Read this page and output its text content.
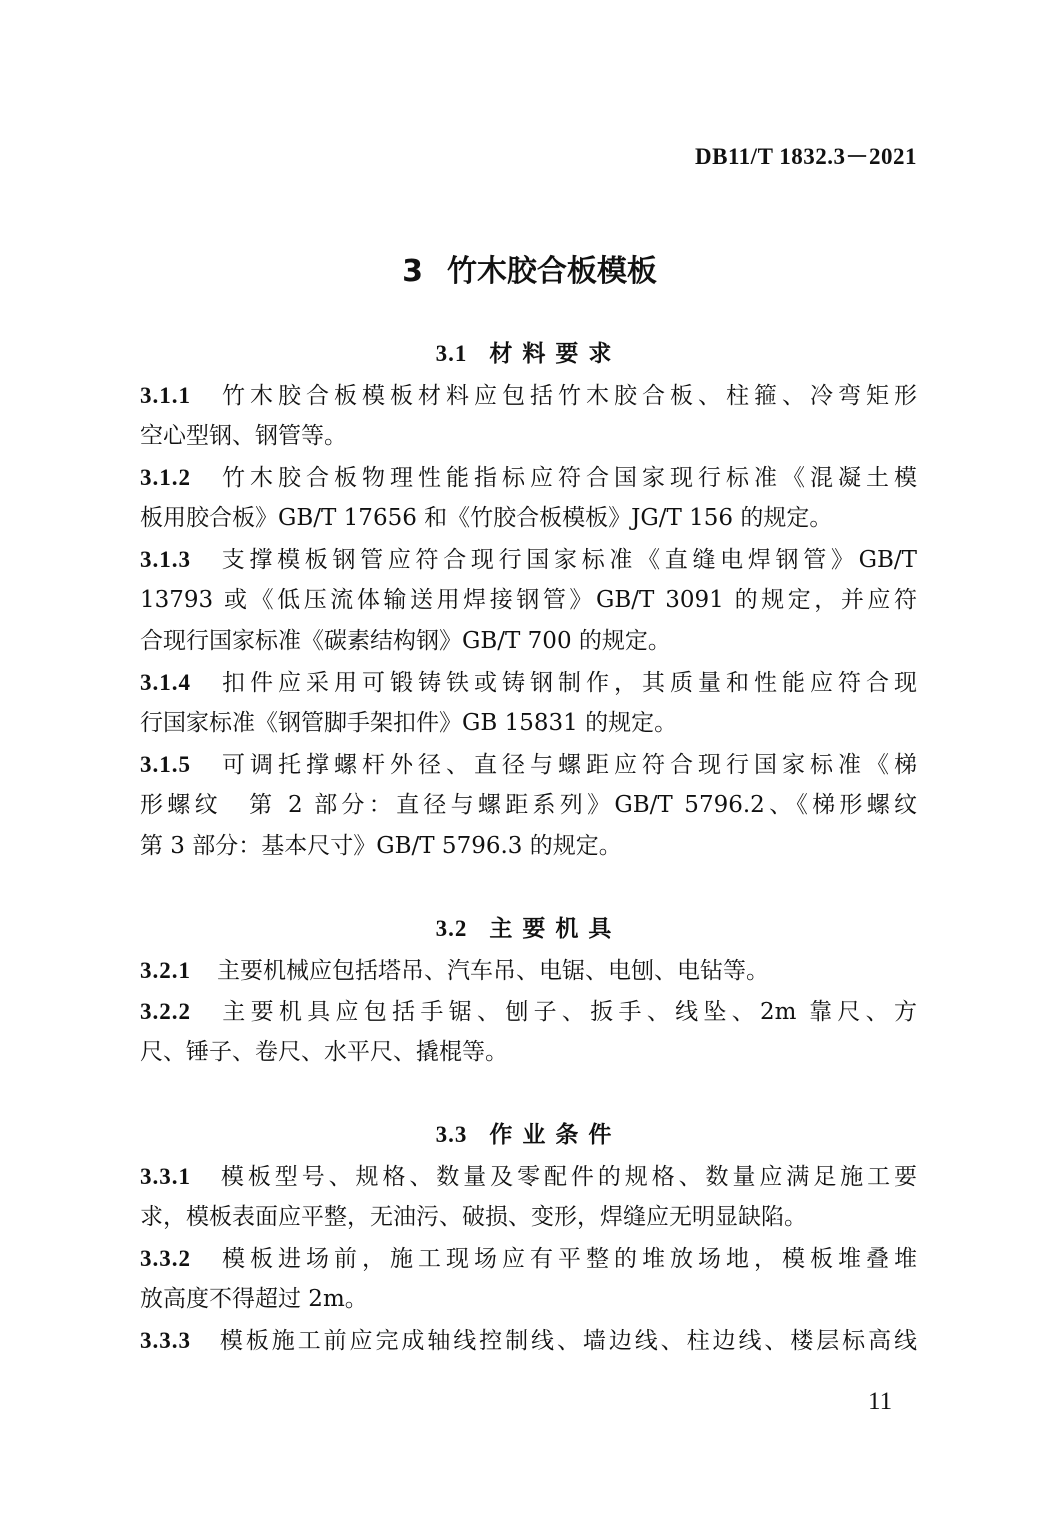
DB11/T 1832.3－2021
3 竹木胶合板模板
3.1 材料要求
3.1.1 竹木胶合板模板材料应包括竹木胶合板、柱箍、冷弯矩形
空心型钢、钢管等。
3.1.2 竹木胶合板物理性能指标应符合国家现行标准《混凝土模
板用胶合板》GB/T 17656 和《竹胶合板模板》JG/T 156 的规定。
3.1.3 支撑模板钢管应符合现行国家标准《直缝电焊钢管》GB/T
13793 或《低压流体输送用焊接钢管》GB/T 3091 的规定，并应符
合现行国家标准《碳素结构钢》GB/T 700 的规定。
3.1.4 扣件应采用可锻铸铁或铸钢制作，其质量和性能应符合现
行国家标准《钢管脚手架扣件》GB 15831 的规定。
3.1.5 可调托撑螺杆外径、直径与螺距应符合现行国家标准《梯
形螺纹　第 2 部分：直径与螺距系列》GB/T 5796.2、《梯形螺纹
第 3 部分：基本尺寸》GB/T 5796.3 的规定。
3.2 主要机具
3.2.1 主要机械应包括塔吊、汽车吊、电锯、电刨、电钻等。
3.2.2 主要机具应包括手锯、刨子、扳手、线坠、2m 靠尺、方
尺、锤子、卷尺、水平尺、撬棍等。
3.3 作业条件
3.3.1 模板型号、规格、数量及零配件的规格、数量应满足施工要
求，模板表面应平整，无油污、破损、变形，焊缝应无明显缺陷。
3.3.2 模板进场前，施工现场应有平整的堆放场地，模板堆叠堆
放高度不得超过 2m。
3.3.3 模板施工前应完成轴线控制线、墙边线、柱边线、楼层标高线
11
